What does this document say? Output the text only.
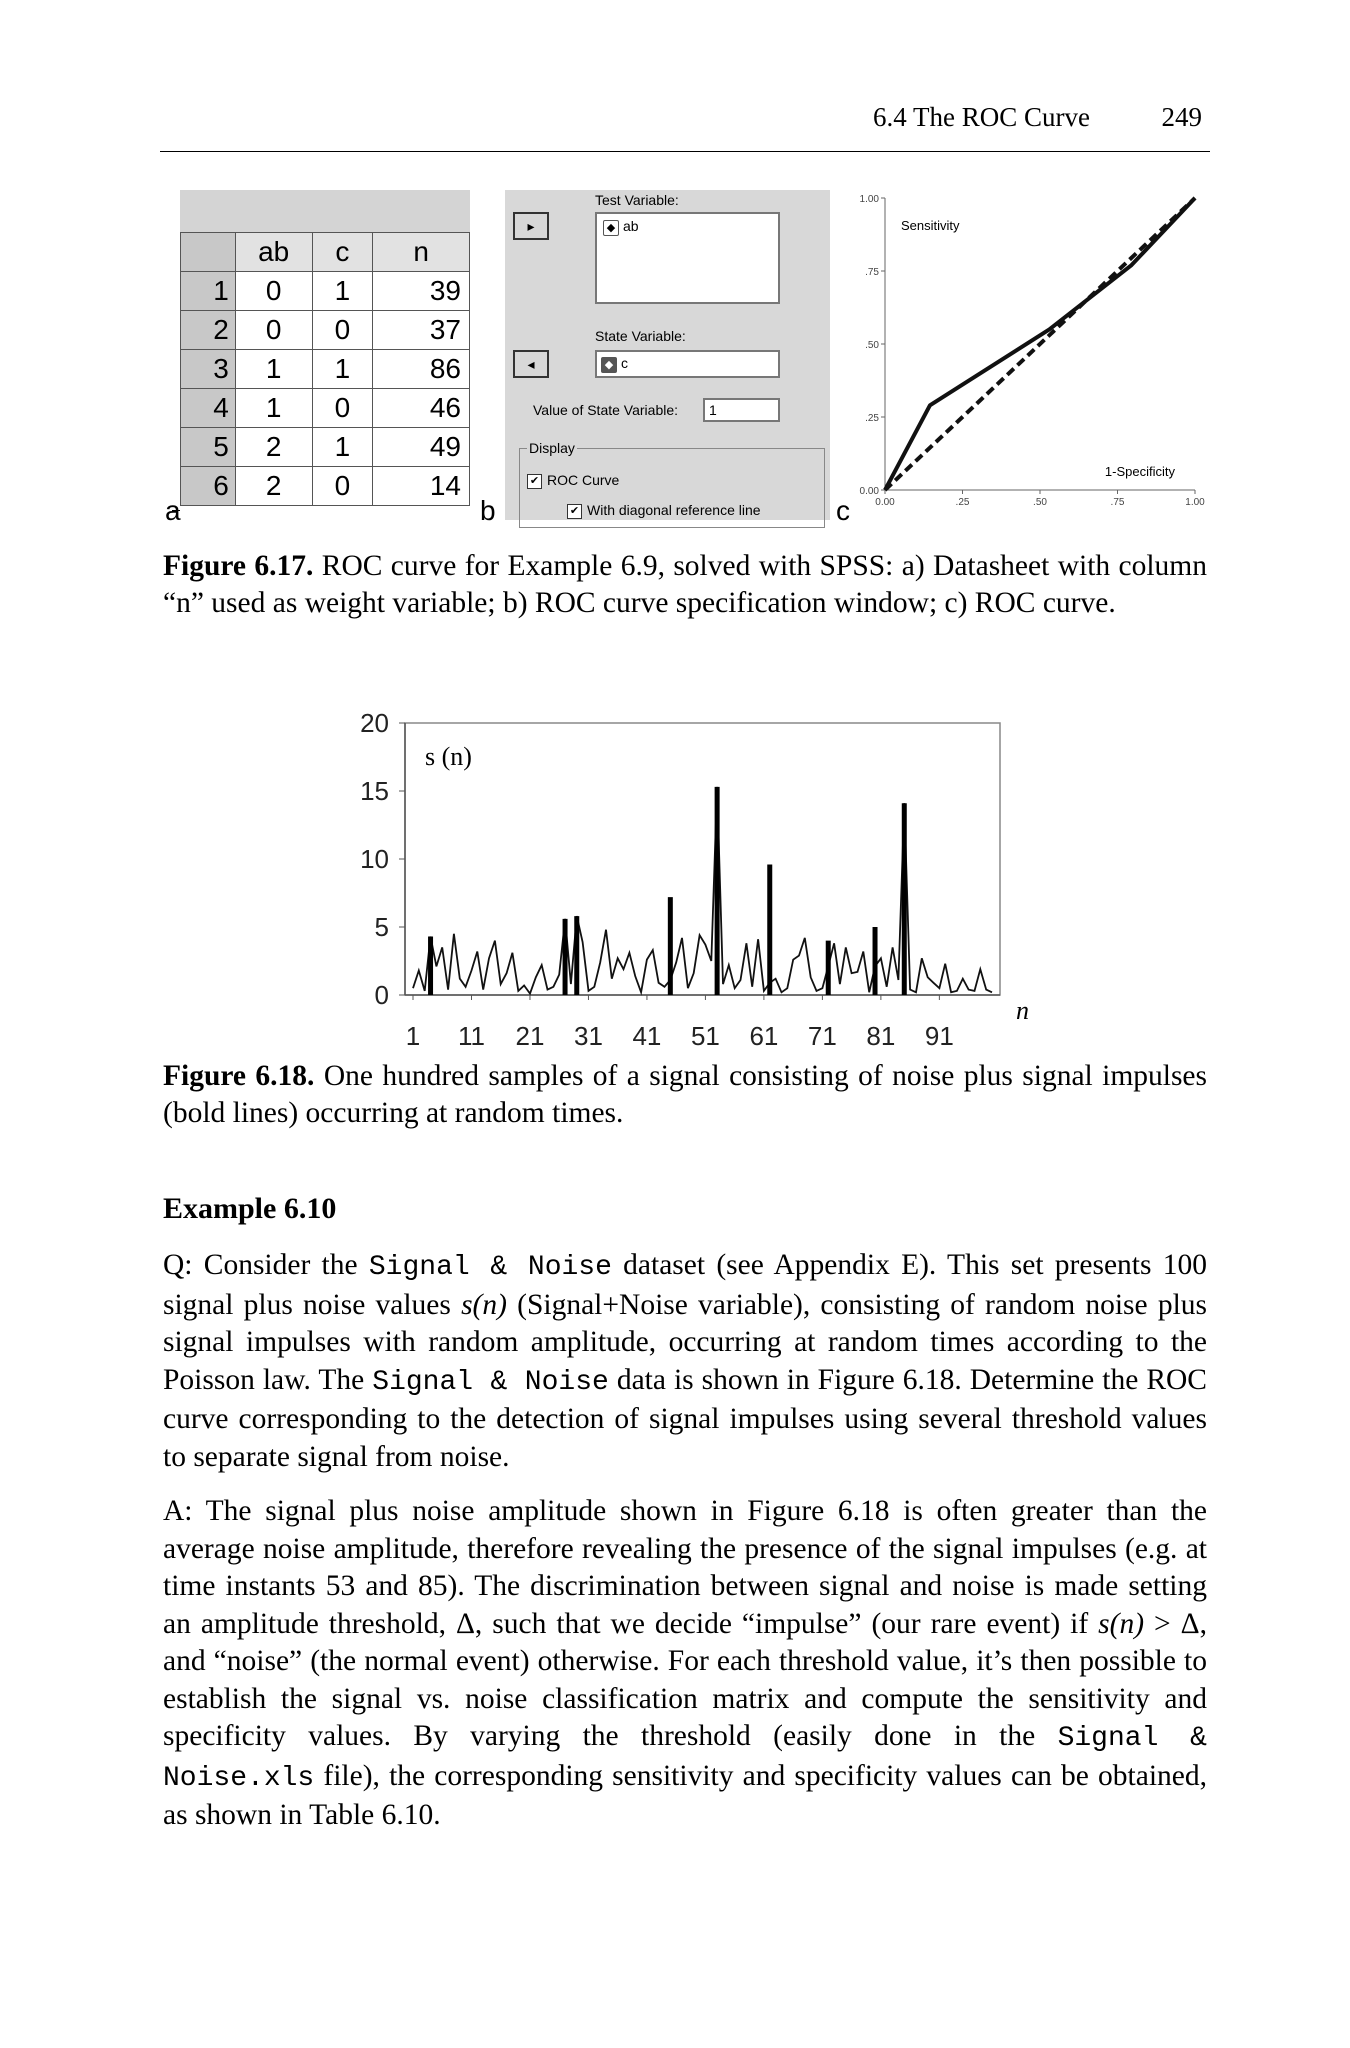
6.4 The ROC Curve	249
	ab	c	n
1	0	1	39
2	0	0	37
3	1	1	86
4	1	0	46
5	2	1	49
6	2	0	14
a	b	c
▸
Test Variable:
◆ ab
◂
State Variable:
◆ c
Value of State Variable:	1
Display
✔ ROC Curve
✔ With diagonal reference line
0.00
.25
.50
.75
1.00
0.00	.25	.50	.75	1.00
Sensitivity
1-Specificity
Figure 6.17. ROC curve for Example 6.9, solved with SPSS: a) Datasheet with column “n” used as weight variable; b) ROC curve specification window; c) ROC curve.
0
5
10
15
20
1 11 21 31 41 51 61 71 81 91
n
s (n)
Figure 6.18. One hundred samples of a signal consisting of noise plus signal impulses (bold lines) occurring at random times.
Example 6.10
Q: Consider the Signal & Noise dataset (see Appendix E). This set presents 100 signal plus noise values s(n) (Signal+Noise variable), consisting of random noise plus signal impulses with random amplitude, occurring at random times according to the Poisson law. The Signal & Noise data is shown in Figure 6.18. Determine the ROC curve corresponding to the detection of signal impulses using several threshold values to separate signal from noise.
A: The signal plus noise amplitude shown in Figure 6.18 is often greater than the average noise amplitude, therefore revealing the presence of the signal impulses (e.g. at time instants 53 and 85). The discrimination between signal and noise is made setting an amplitude threshold, Δ, such that we decide “impulse” (our rare event) if s(n) > Δ, and “noise” (the normal event) otherwise. For each threshold value, it’s then possible to establish the signal vs. noise classification matrix and compute the sensitivity and specificity values. By varying the threshold (easily done in the Signal & Noise.xls file), the corresponding sensitivity and specificity values can be obtained, as shown in Table 6.10.
